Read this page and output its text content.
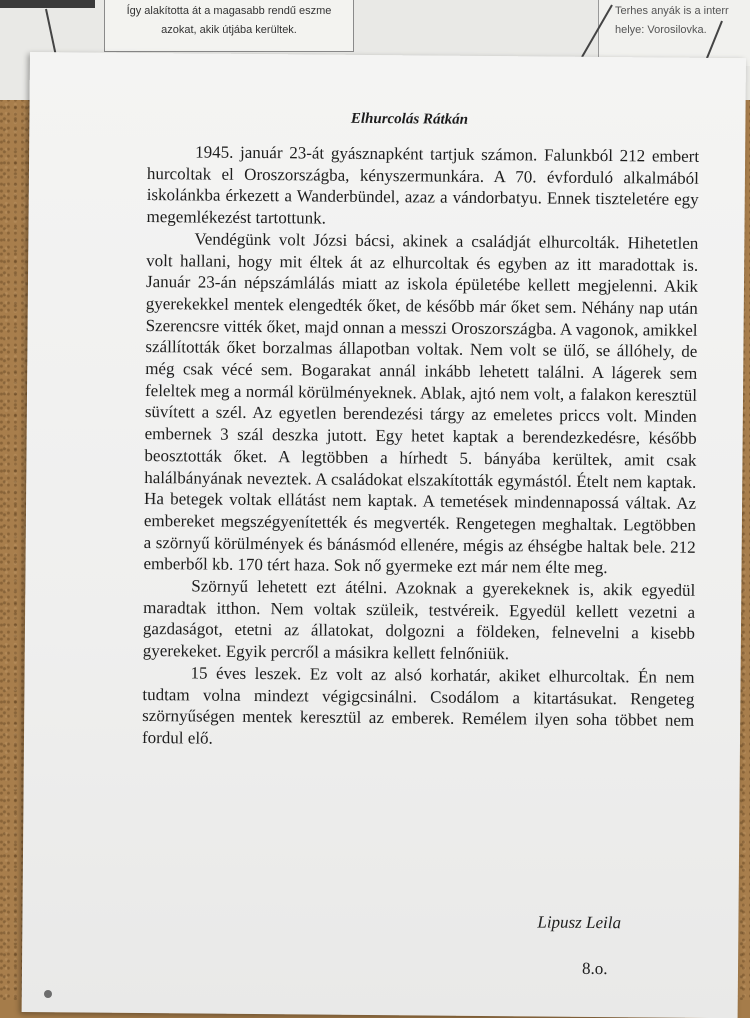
Így alakította át a magasabb rendű eszme
azokat, akik útjába kerültek.
Terhes anyák is a interr
helye: Vorosilovka.
Elhurcolás Rátkán

1945. január 23-át gyásznapként tartjuk számon. Falunkból 212 embert hurcoltak el Oroszországba, kényszermunkára. A 70. évforduló alkalmából iskolánkba érkezett a Wanderbündel, azaz a vándorbatyu. Ennek tiszteletére egy megemlékezést tartottunk.

Vendégünk volt Józsi bácsi, akinek a családját elhurcolták. Hihetetlen volt hallani, hogy mit éltek át az elhurcoltak és egyben az itt maradottak is. Január 23-án népszámlálás miatt az iskola épületébe kellett megjelenni. Akik gyerekekkel mentek elengedték őket, de később már őket sem. Néhány nap után Szerencsre vitték őket, majd onnan a messzi Oroszországba. A vagonok, amikkel szállították őket borzalmas állapotban voltak. Nem volt se ülő, se állóhely, de még csak vécé sem. Bogarakat annál inkább lehetett találni. A lágerek sem feleltek meg a normál körülményeknek. Ablak, ajtó nem volt, a falakon keresztül süvített a szél. Az egyetlen berendezési tárgy az emeletes priccs volt. Minden embernek 3 szál deszka jutott. Egy hetet kaptak a berendezkedésre, később beosztották őket. A legtöbben a hírhedt 5. bányába kerültek, amit csak halálbányának neveztek. A családokat elszakították egymástól. Ételt nem kaptak. Ha betegek voltak ellátást nem kaptak. A temetések mindennapossá váltak. Az embereket megszégyenítették és megverték. Rengetegen meghaltak. Legtöbben a szörnyű körülmények és bánásmód ellenére, mégis az éhségbe haltak bele. 212 emberből kb. 170 tért haza. Sok nő gyermeke ezt már nem élte meg.

Szörnyű lehetett ezt átélni. Azoknak a gyerekeknek is, akik egyedül maradtak itthon. Nem voltak szüleik, testvéreik. Egyedül kellett vezetni a gazdaságot, etetni az állatokat, dolgozni a földeken, felnevelni a kisebb gyerekeket. Egyik percről a másikra kellett felnőniük.

15 éves leszek. Ez volt az alsó korhatár, akiket elhurcoltak. Én nem tudtam volna mindezt végigcsinálni. Csodálom a kitartásukat. Rengeteg szörnyűségen mentek keresztül az emberek. Remélem ilyen soha többet nem fordul elő.

Lipusz Leila
8.o.
